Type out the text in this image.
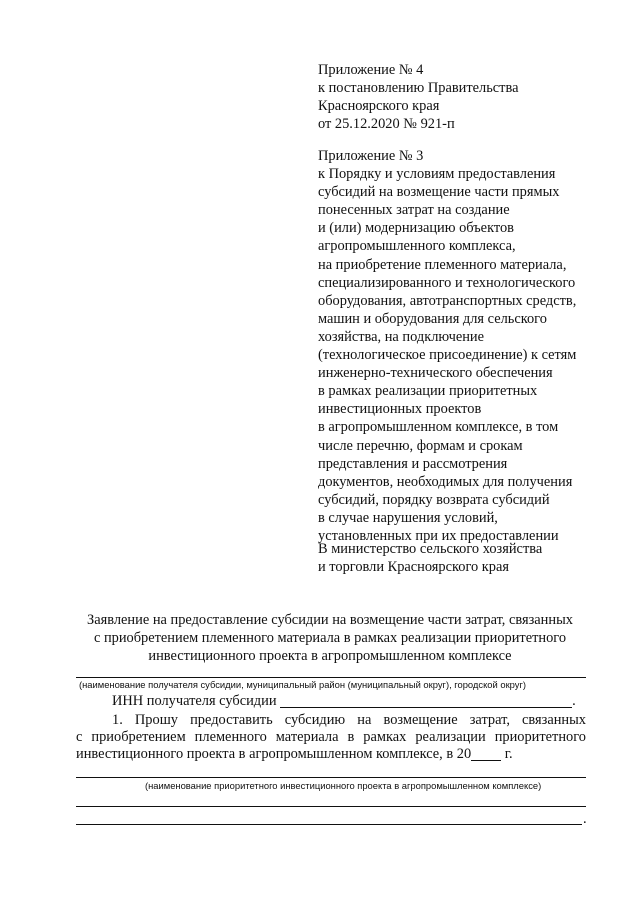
Приложение № 4
к постановлению Правительства
Красноярского края
от 25.12.2020 № 921-п
Приложение № 3
к Порядку и условиям предоставления
субсидий на возмещение части прямых
понесенных затрат на создание
и (или) модернизацию объектов
агропромышленного комплекса,
на приобретение племенного материала,
специализированного и технологического
оборудования, автотранспортных средств,
машин и оборудования для сельского
хозяйства, на подключение
(технологическое присоединение) к сетям
инженерно-технического обеспечения
в рамках реализации приоритетных
инвестиционных проектов
в агропромышленном комплексе, в том
числе перечню, формам и срокам
представления и рассмотрения
документов, необходимых для получения
субсидий, порядку возврата субсидий
в случае нарушения условий,
установленных при их предоставлении
В министерство сельского хозяйства
и торговли Красноярского края
Заявление на предоставление субсидии на возмещение части затрат, связанных
с приобретением племенного материала в рамках реализации приоритетного
инвестиционного проекта в агропромышленном комплексе
(наименование получателя субсидии, муниципальный район (муниципальный округ), городской округ)
ИНН получателя субсидии	.
1. Прошу предоставить субсидию на возмещение затрат, связанных
с приобретением племенного материала в рамках реализации приоритетного
инвестиционного проекта в агропромышленном комплексе, в 20 г.
(наименование приоритетного инвестиционного проекта в агропромышленном комплексе)
.
